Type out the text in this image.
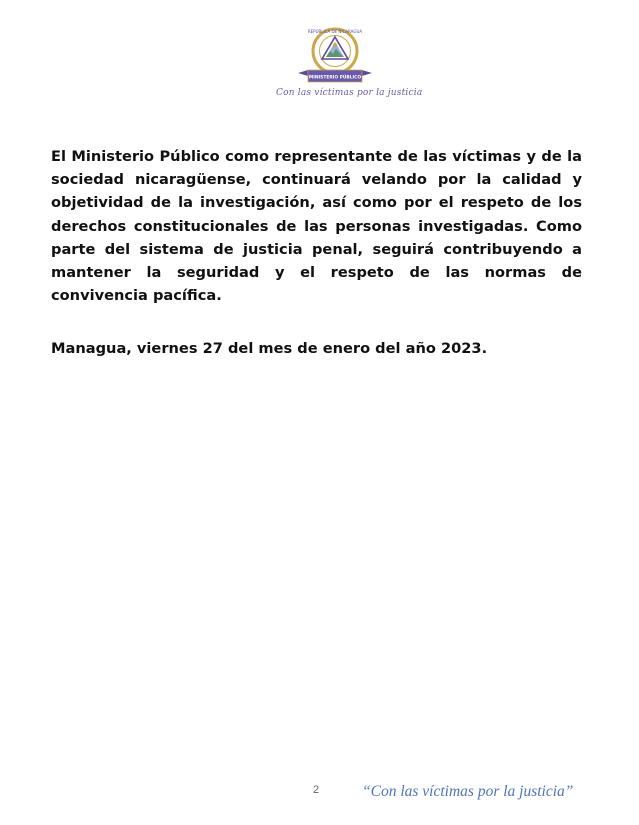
REPÚBLICA DE NICARAGUA
MINISTERIO PÚBLICO
Con las víctimas por la justicia

El Ministerio Público como representante de las víctimas y de la sociedad nicaragüense, continuará velando por la calidad y objetividad de la investigación, así como por el respeto de los derechos constitucionales de las personas investigadas. Como parte del sistema de justicia penal, seguirá contribuyendo a mantener la seguridad y el respeto de las normas de convivencia pacífica.

Managua, viernes 27 del mes de enero del año 2023.

2	“Con las víctimas por la justicia”
